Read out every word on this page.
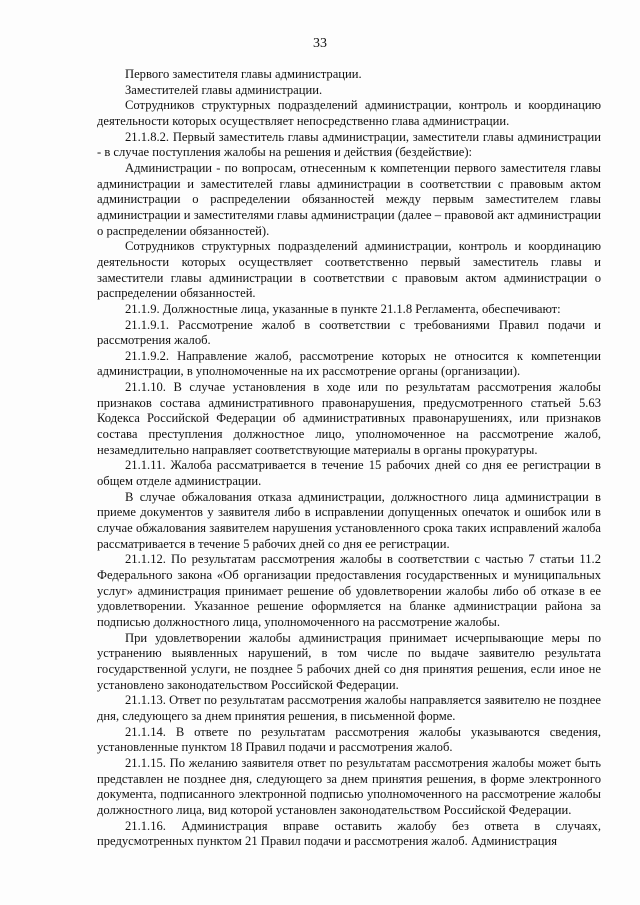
33

Первого заместителя главы администрации.

Заместителей главы администрации.

Сотрудников структурных подразделений администрации, контроль и координацию деятельности которых осуществляет непосредственно глава администрации.

21.1.8.2. Первый заместитель главы администрации, заместители главы администрации - в случае поступления жалобы на решения и действия (бездействие):

Администрации - по вопросам, отнесенным к компетенции первого заместителя главы администрации и заместителей главы администрации в соответствии с правовым актом администрации о распределении обязанностей между первым заместителем главы администрации и заместителями главы администрации (далее – правовой акт администрации о распределении обязанностей).

Сотрудников структурных подразделений администрации, контроль и координацию деятельности которых осуществляет соответственно первый заместитель главы и заместители главы администрации в соответствии с правовым актом администрации о распределении обязанностей.

21.1.9. Должностные лица, указанные в пункте 21.1.8 Регламента, обеспечивают:

21.1.9.1. Рассмотрение жалоб в соответствии с требованиями Правил подачи и рассмотрения жалоб.

21.1.9.2. Направление жалоб, рассмотрение которых не относится к компетенции администрации, в уполномоченные на их рассмотрение органы (организации).

21.1.10. В случае установления в ходе или по результатам рассмотрения жалобы признаков состава административного правонарушения, предусмотренного статьей 5.63 Кодекса Российской Федерации об административных правонарушениях, или признаков состава преступления должностное лицо, уполномоченное на рассмотрение жалоб, незамедлительно направляет соответствующие материалы в органы прокуратуры.

21.1.11. Жалоба рассматривается в течение 15 рабочих дней со дня ее регистрации в общем отделе администрации.

В случае обжалования отказа администрации, должностного лица администрации в приеме документов у заявителя либо в исправлении допущенных опечаток и ошибок или в случае обжалования заявителем нарушения установленного срока таких исправлений жалоба рассматривается в течение 5 рабочих дней со дня ее регистрации.

21.1.12. По результатам рассмотрения жалобы в соответствии с частью 7 статьи 11.2 Федерального закона «Об организации предоставления государственных и муниципальных услуг» администрация принимает решение об удовлетворении жалобы либо об отказе в ее удовлетворении. Указанное решение оформляется на бланке администрации района за подписью должностного лица, уполномоченного на рассмотрение жалобы.

При удовлетворении жалобы администрация принимает исчерпывающие меры по устранению выявленных нарушений, в том числе по выдаче заявителю результата государственной услуги, не позднее 5 рабочих дней со дня принятия решения, если иное не установлено законодательством Российской Федерации.

21.1.13. Ответ по результатам рассмотрения жалобы направляется заявителю не позднее дня, следующего за днем принятия решения, в письменной форме.

21.1.14. В ответе по результатам рассмотрения жалобы указываются сведения, установленные пунктом 18 Правил подачи и рассмотрения жалоб.

21.1.15. По желанию заявителя ответ по результатам рассмотрения жалобы может быть представлен не позднее дня, следующего за днем принятия решения, в форме электронного документа, подписанного электронной подписью уполномоченного на рассмотрение жалобы должностного лица, вид которой установлен законодательством Российской Федерации.

21.1.16. Администрация вправе оставить жалобу без ответа в случаях, предусмотренных пунктом 21 Правил подачи и рассмотрения жалоб. Администрация
